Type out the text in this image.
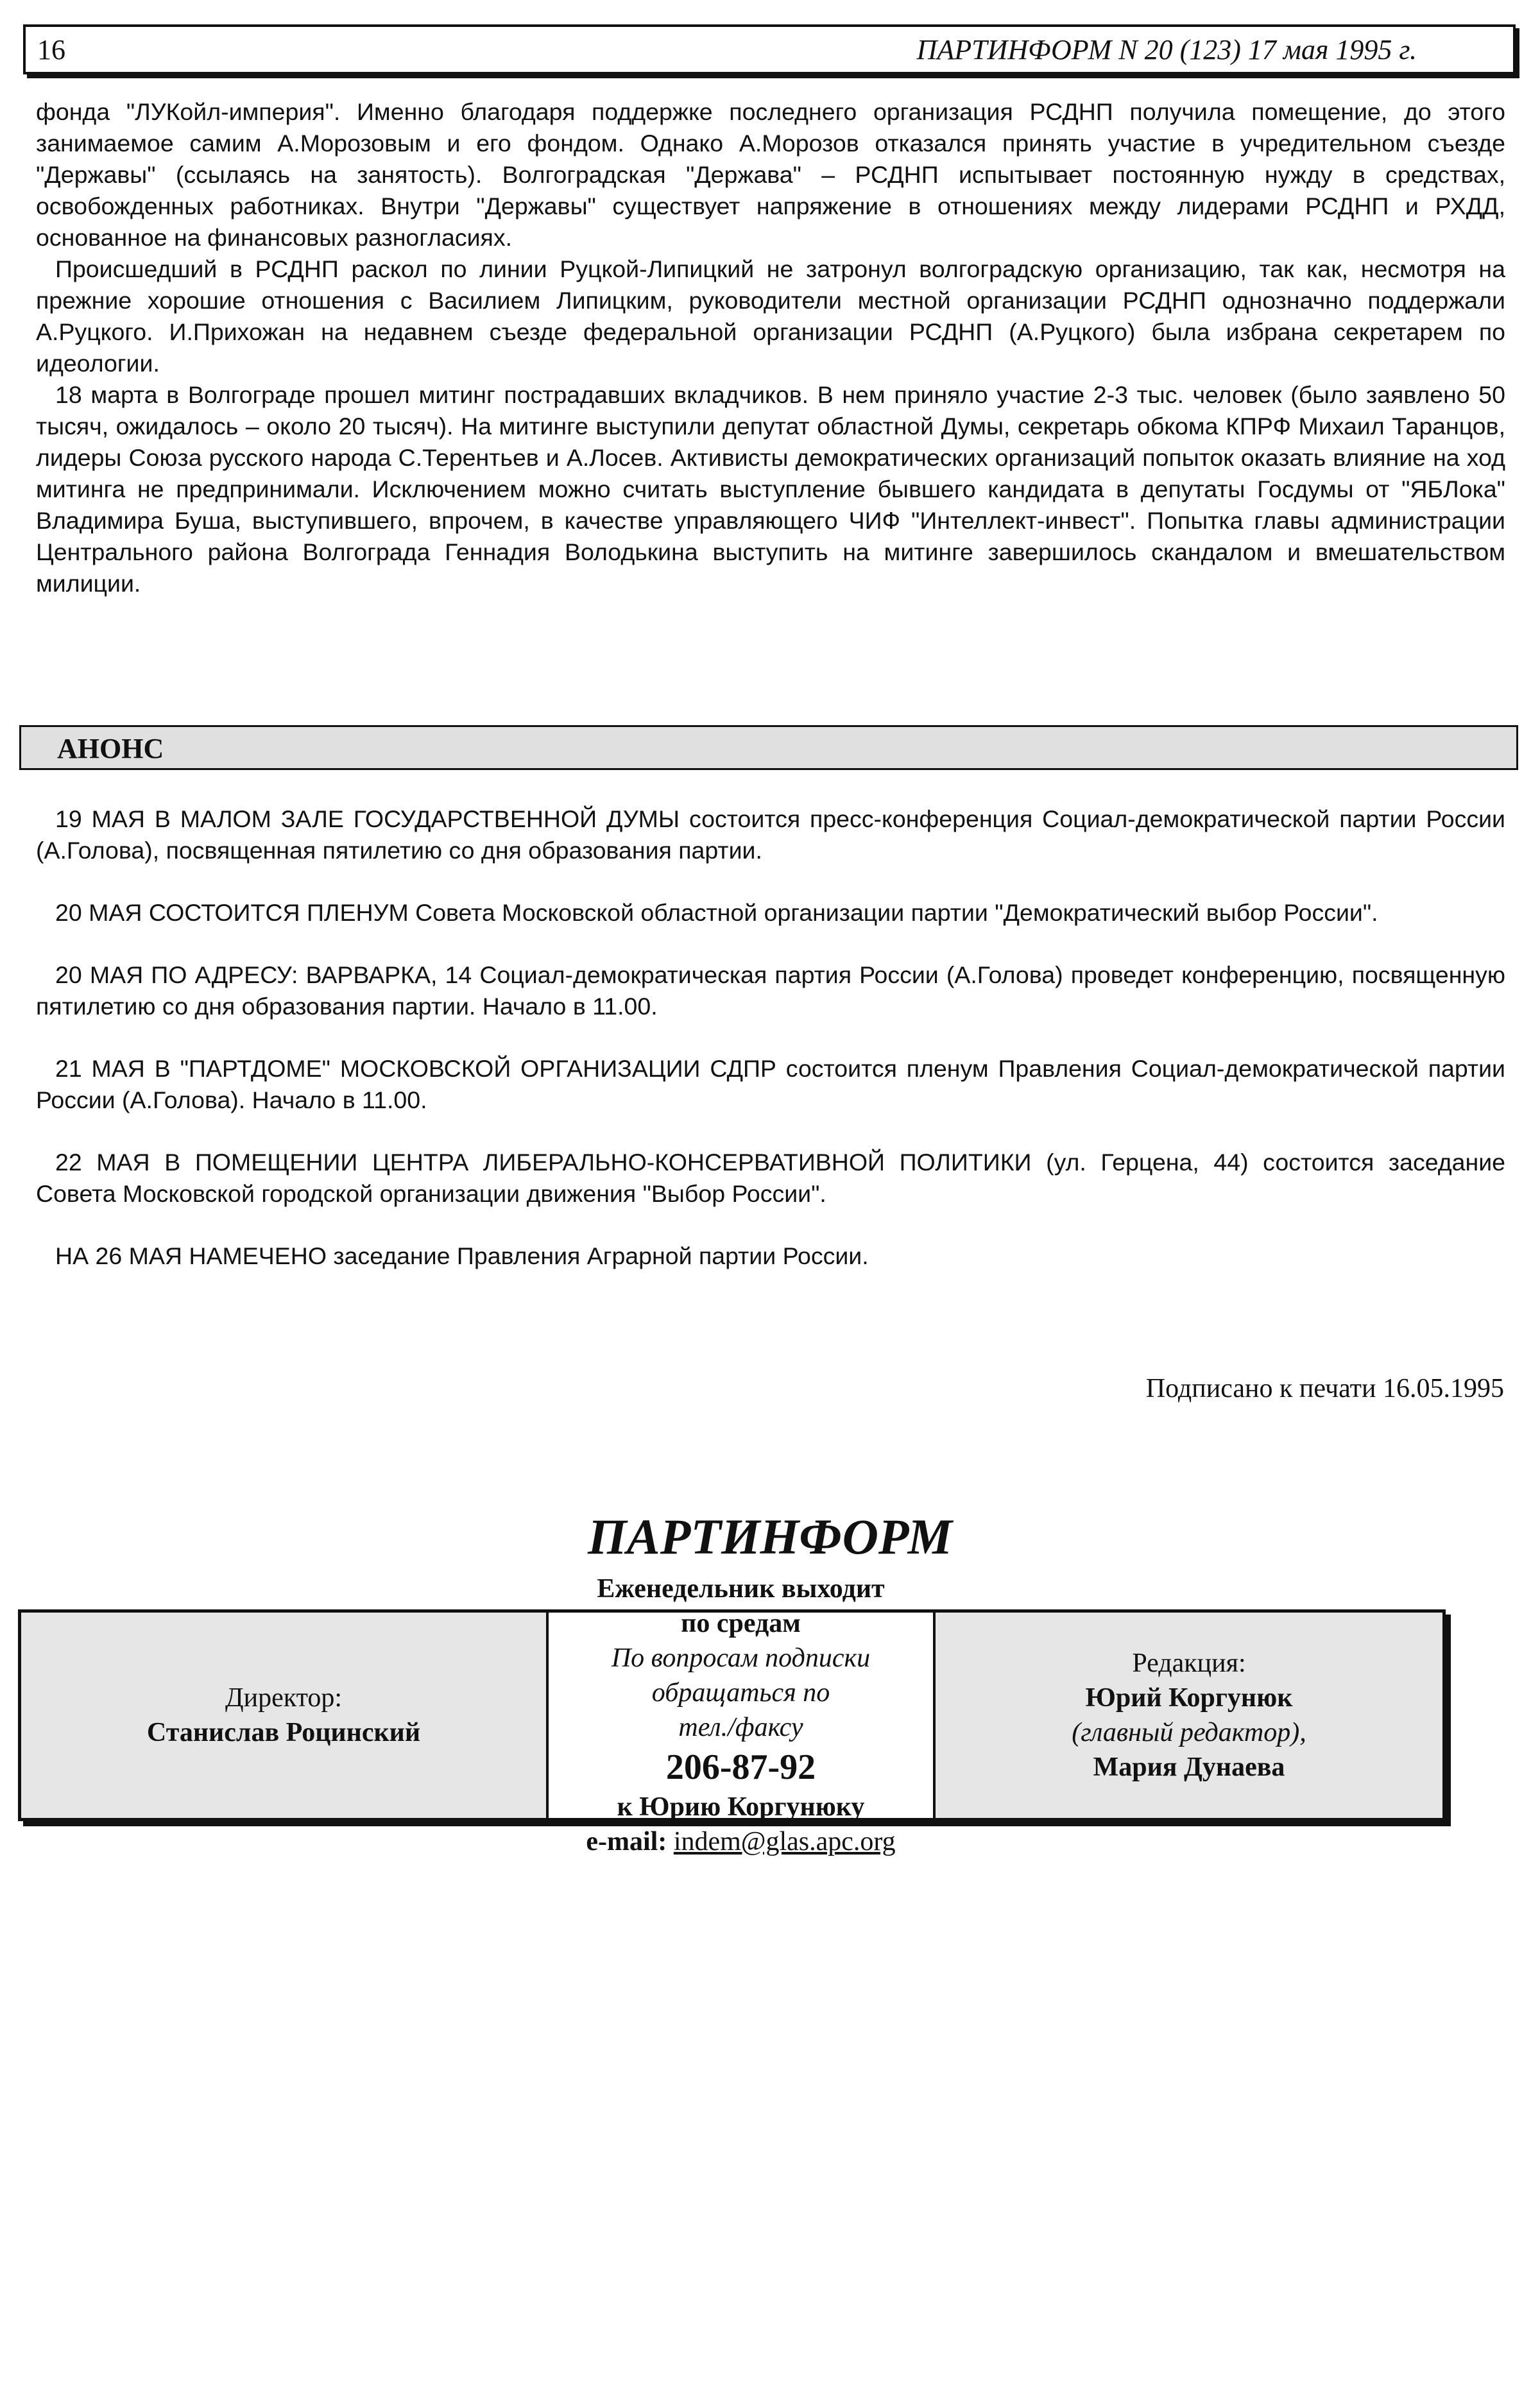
16	ПАРТИНФОРМ N 20 (123) 17 мая 1995 г.

фонда "ЛУКойл-империя". Именно благодаря поддержке последнего организация РСДНП получила помещение, до этого занимаемое самим А.Морозовым и его фондом. Однако А.Морозов отказался принять участие в учредительном съезде "Державы" (ссылаясь на занятость). Волгоградская "Держава" – РСДНП испытывает постоянную нужду в средствах, освобожденных работниках. Внутри "Державы" существует напряжение в отношениях между лидерами РСДНП и РХДД, основанное на финансовых разногласиях.

Происшедший в РСДНП раскол по линии Руцкой-Липицкий не затронул волгоградскую организацию, так как, несмотря на прежние хорошие отношения с Василием Липицким, руководители местной организации РСДНП однозначно поддержали А.Руцкого. И.Прихожан на недавнем съезде федеральной организации РСДНП (А.Руцкого) была избрана секретарем по идеологии.

18 марта в Волгограде прошел митинг пострадавших вкладчиков. В нем приняло участие 2-3 тыс. человек (было заявлено 50 тысяч, ожидалось – около 20 тысяч). На митинге выступили депутат областной Думы, секретарь обкома КПРФ Михаил Таранцов, лидеры Союза русского народа С.Терентьев и А.Лосев. Активисты демократических организаций попыток оказать влияние на ход митинга не предпринимали. Исключением можно считать выступление бывшего кандидата в депутаты Госдумы от "ЯБЛока" Владимира Буша, выступившего, впрочем, в качестве управляющего ЧИФ "Интеллект-инвест". Попытка главы администрации Центрального района Волгограда Геннадия Володькина выступить на митинге завершилось скандалом и вмешательством милиции.

АНОНС

19 МАЯ В МАЛОМ ЗАЛЕ ГОСУДАРСТВЕННОЙ ДУМЫ состоится пресс-конференция Социал-демократической партии России (А.Голова), посвященная пятилетию со дня образования партии.

20 МАЯ СОСТОИТСЯ ПЛЕНУМ Совета Московской областной организации партии "Демократический выбор России".

20 МАЯ ПО АДРЕСУ: ВАРВАРКА, 14 Социал-демократическая партия России (А.Голова) проведет конференцию, посвященную пятилетию со дня образования партии. Начало в 11.00.

21 МАЯ В "ПАРТДОМЕ" МОСКОВСКОЙ ОРГАНИЗАЦИИ СДПР состоится пленум Правления Социал-демократической партии России (А.Голова). Начало в 11.00.

22 МАЯ В ПОМЕЩЕНИИ ЦЕНТРА ЛИБЕРАЛЬНО-КОНСЕРВАТИВНОЙ ПОЛИТИКИ (ул. Герцена, 44) состоится заседание Совета Московской городской организации движения "Выбор России".

НА 26 МАЯ НАМЕЧЕНО заседание Правления Аграрной партии России.

Подписано к печати 16.05.1995
ПАРТИНФОРМ
Директор:
Станислав Роцинский
Еженедельник выходит
по средам
По вопросам подписки
обращаться по
тел./факсу
206-87-92
к Юрию Коргунюку
e-mail: indem@glas.apc.org
Редакция:
Юрий Коргунюк
(главный редактор),
Мария Дунаева
